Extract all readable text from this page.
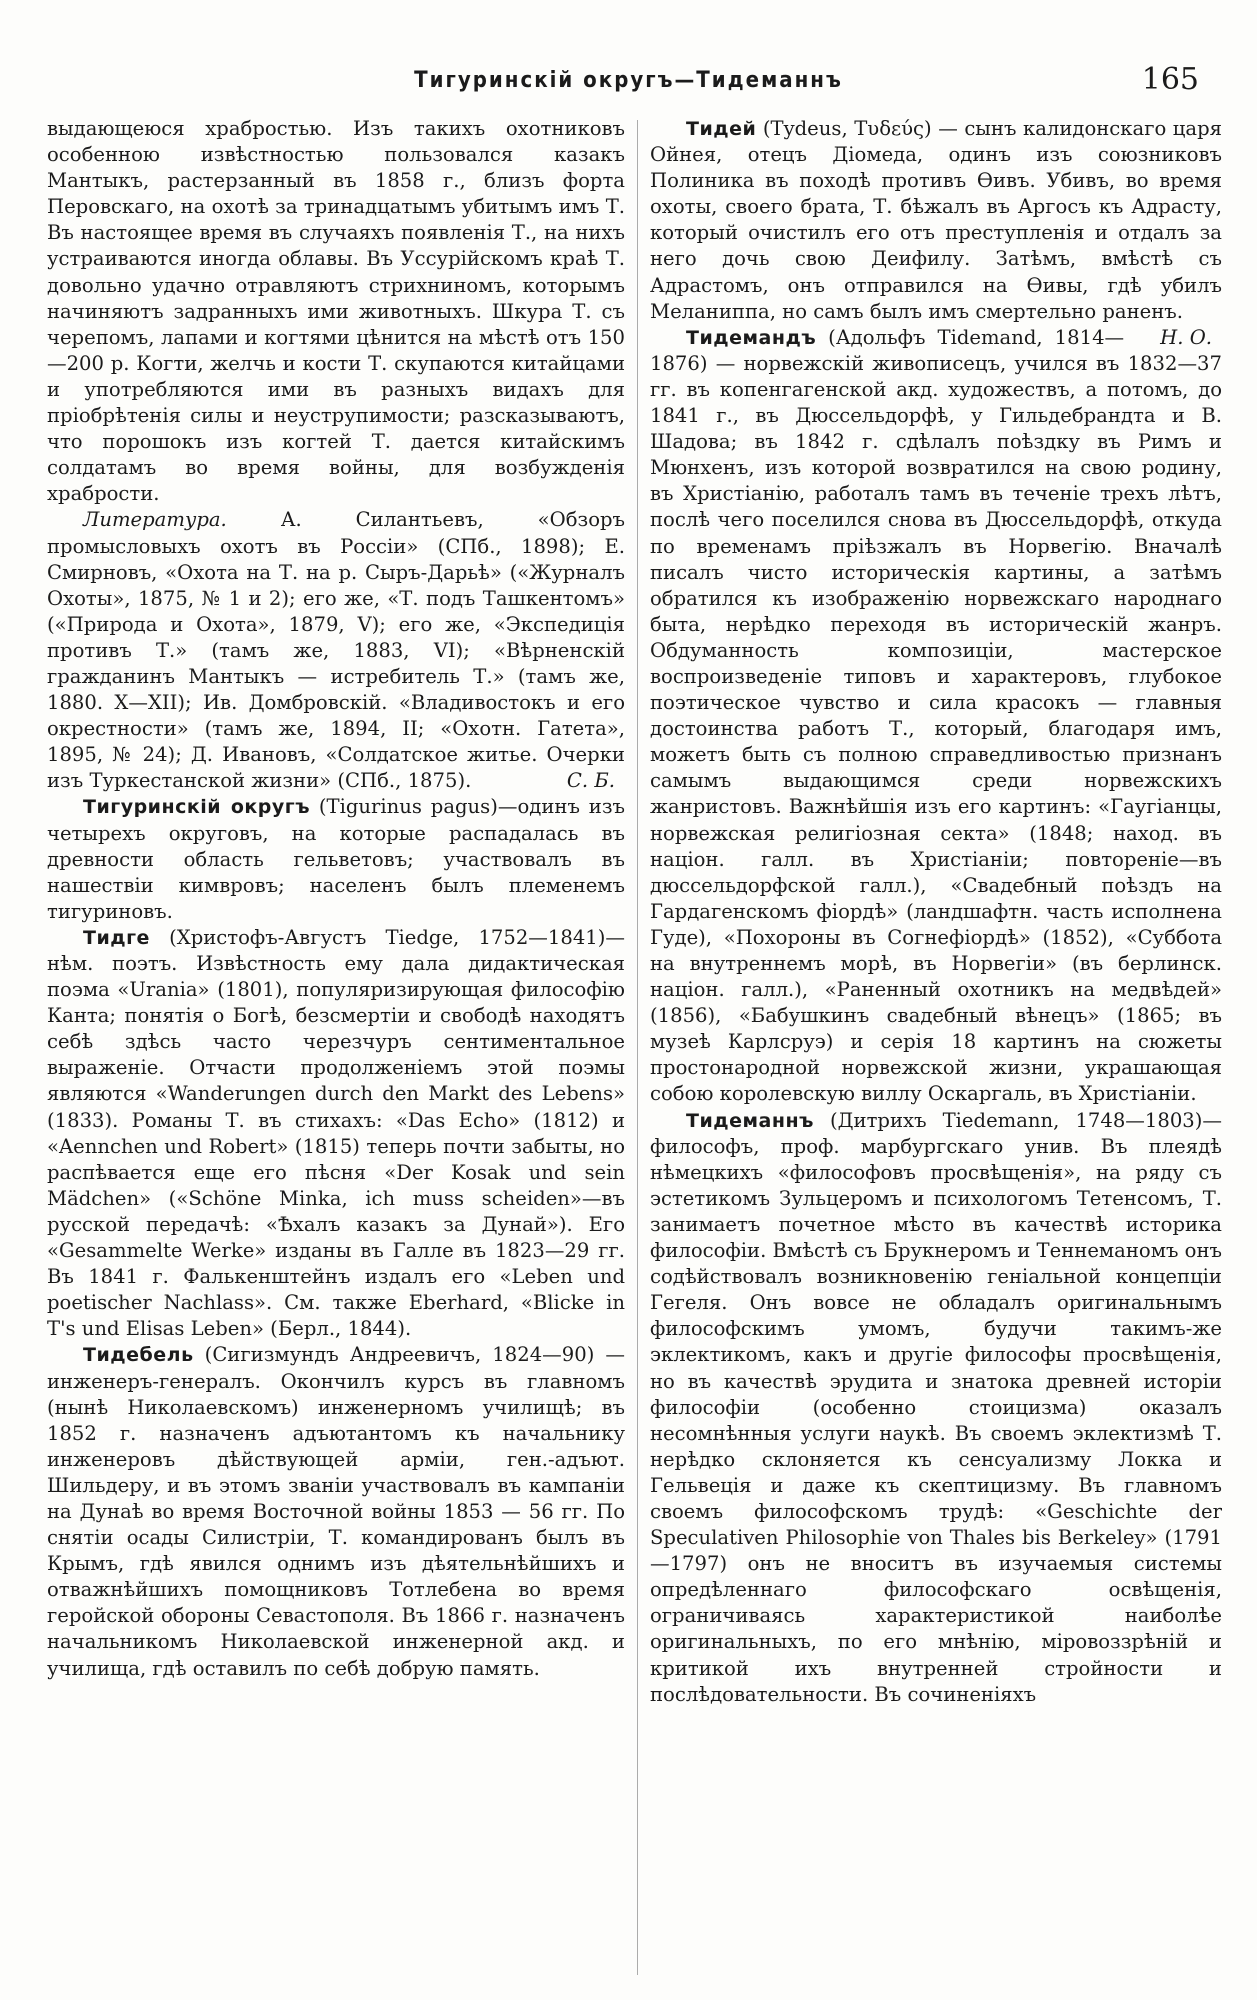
Тигуринскій округъ—Тидеманнъ	165

выдающеюся храбростью. Изъ такихъ охотниковъ особенною извѣстностью пользовался казакъ Мантыкъ, растерзанный въ 1858 г., близъ форта Перовскаго, на охотѣ за тринадцатымъ убитымъ имъ Т. Въ настоящее время въ случаяхъ появленія Т., на нихъ устраиваются иногда облавы. Въ Уссурійскомъ краѣ Т. довольно удачно отравляютъ стрихниномъ, которымъ начиняютъ задранныхъ ими животныхъ. Шкура Т. съ черепомъ, лапами и когтями цѣнится на мѣстѣ отъ 150—200 р. Когти, желчь и кости Т. скупаются китайцами и употребляются ими въ разныхъ видахъ для пріобрѣтенія силы и неуструпимости; разсказываютъ, что порошокъ изъ когтей Т. дается китайскимъ солдатамъ во время войны, для возбужденія храбрости.

Литература.	А. Силантьевъ, «Обзоръ промысловыхъ охотъ въ Россіи» (СПб., 1898); Е. Смирновъ, «Охота на Т. на р. Сыръ-Дарьѣ» («Журналъ Охоты», 1875, № 1 и 2); его же, «Т. подъ Ташкентомъ» («Природа и Охота», 1879, V); его же, «Экспедиція противъ Т.» (тамъ же, 1883, VI); «Вѣрненскій гражданинъ Мантыкъ — истребитель Т.» (тамъ же, 1880. X—XII); Ив. Домбровскій. «Владивостокъ и его окрестности» (тамъ же, 1894, II; «Охотн. Гатета», 1895, № 24); Д. Ивановъ, «Солдатское житье. Очерки изъ Туркестанской жизни» (СПб., 1875).	С. Б.

Тигуринскій округъ (Tigurinus pagus)—одинъ изъ четырехъ округовъ, на которые распадалась въ древности область гельветовъ; участвовалъ въ нашествіи кимвровъ; населенъ былъ племенемъ тигуриновъ.

Тидге (Христофъ-Августъ Tiedge, 1752—1841)—нѣм. поэтъ. Извѣстность ему дала дидактическая поэма «Urania» (1801), популяризирующая философію Канта; понятія о Богѣ, безсмертіи и свободѣ находятъ себѣ здѣсь часто черезчуръ сентиментальное выраженіе. Отчасти продолженіемъ этой поэмы являются «Wanderungen durch den Markt des Lebens» (1833). Романы Т. въ стихахъ: «Das Echo» (1812) и «Aennchen und Robert» (1815) теперь почти забыты, но распѣвается еще его пѣсня «Der Kosak und sein Mädchen» («Schöne Minka, ich muss scheiden»—въ русской передачѣ: «Ѣхалъ казакъ за Дунай»). Его «Gesammelte Werke» изданы въ Галле въ 1823—29 гг. Въ 1841 г. Фалькенштейнъ издалъ его «Leben und poetischer Nachlass». См. также Eberhard, «Blicke in T's und Elisas Leben» (Берл., 1844).

Тидебель (Сигизмундъ Андреевичъ, 1824—90) — инженеръ-генералъ. Окончилъ курсъ въ главномъ (нынѣ Николаевскомъ) инженерномъ училищѣ; въ 1852 г. назначенъ адъютантомъ къ начальнику инженеровъ дѣйствующей арміи, ген.-адъют. Шильдеру, и въ этомъ званіи участвовалъ въ кампаніи на Дунаѣ во время Восточной войны 1853 — 56 гг. По снятіи осады Силистріи, Т. командированъ былъ въ Крымъ, гдѣ явился однимъ изъ дѣятельнѣйшихъ и отважнѣйшихъ помощниковъ Тотлебена во время геройской обороны Севастополя. Въ 1866 г. назначенъ начальникомъ Николаевской инженерной акд. и училища, гдѣ оставилъ по себѣ добрую память.

Тидей (Tydeus, Τυδεύς) — сынъ калидонскаго царя Ойнея, отецъ Діомеда, одинъ изъ союзниковъ Полиника въ походѣ противъ Ѳивъ. Убивъ, во время охоты, своего брата, Т. бѣжалъ въ Аргосъ къ Адрасту, который очистилъ его отъ преступленія и отдалъ за него дочь свою Деифилу. Затѣмъ, вмѣстѣ съ Адрастомъ, онъ отправился на Ѳивы, гдѣ убилъ Меланиппа, но самъ былъ имъ смертельно раненъ.
Н. О.

Тидемандъ (Адольфъ Tidemand, 1814—1876) — норвежскій живописецъ, учился въ 1832—37 гг. въ копенгагенской акд. художествъ, а потомъ, до 1841 г., въ Дюссельдорфѣ, у Гильдебрандта и В. Шадова; въ 1842 г. сдѣлалъ поѣздку въ Римъ и Мюнхенъ, изъ которой возвратился на свою родину, въ Христіанію, работалъ тамъ въ теченіе трехъ лѣтъ, послѣ чего поселился снова въ Дюссельдорфѣ, откуда по временамъ пріѣзжалъ въ Норвегію. Вначалѣ писалъ чисто историческія картины, а затѣмъ обратился къ изображенію норвежскаго народнаго быта, нерѣдко переходя въ историческій жанръ. Обдуманность композиціи, мастерское воспроизведеніе типовъ и характеровъ, глубокое поэтическое чувство и сила красокъ — главныя достоинства работъ Т., который, благодаря имъ, можетъ быть съ полною справедливостью признанъ самымъ выдающимся среди норвежскихъ жанристовъ. Важнѣйшія изъ его картинъ: «Гаугіанцы, норвежская религіозная секта» (1848; наход. въ націон. галл. въ Христіаніи; повтореніе—въ дюссельдорфской галл.), «Свадебный поѣздъ на Гардагенскомъ фіордѣ» (ландшафтн. часть исполнена Гуде), «Похороны въ Согнефіордѣ» (1852), «Суббота на внутреннемъ морѣ, въ Норвегіи» (въ берлинск. націон. галл.), «Раненный охотникъ на медвѣдей» (1856), «Бабушкинъ свадебный вѣнецъ» (1865; въ музеѣ Карлсруэ) и серія 18 картинъ на сюжеты простонародной норвежской жизни, украшающая собою королевскую виллу Оскаргаль, въ Христіаніи.

Тидеманнъ (Дитрихъ Tiedemann, 1748—1803)—философъ, проф. марбургскаго унив. Въ плеядѣ нѣмецкихъ «философовъ просвѣщенія», на ряду съ эстетикомъ Зульцеромъ и психологомъ Тетенсомъ, Т. занимаетъ почетное мѣсто въ качествѣ историка философіи. Вмѣстѣ съ Брукнеромъ и Теннеманомъ онъ содѣйствовалъ возникновенію геніальной концепціи Гегеля. Онъ вовсе не обладалъ оригинальнымъ философскимъ умомъ, будучи такимъ-же эклектикомъ, какъ и другіе философы просвѣщенія, но въ качествѣ эрудита и знатока древней исторіи философіи (особенно стоицизма) оказалъ несомнѣнныя услуги наукѣ. Въ своемъ эклектизмѣ Т. нерѣдко склоняется къ сенсуализму Локка и Гельвеція и даже къ скептицизму. Въ главномъ своемъ философскомъ трудѣ: «Geschichte der Speculativen Philosophie von Thales bis Berkeley» (1791—1797) онъ не вноситъ въ изучаемыя системы опредѣленнаго философскаго освѣщенія, ограничиваясь характеристикой наиболѣе оригинальныхъ, по его мнѣнію, міровоззрѣній и критикой ихъ внутренней стройности и послѣдовательности. Въ сочиненіяхъ
